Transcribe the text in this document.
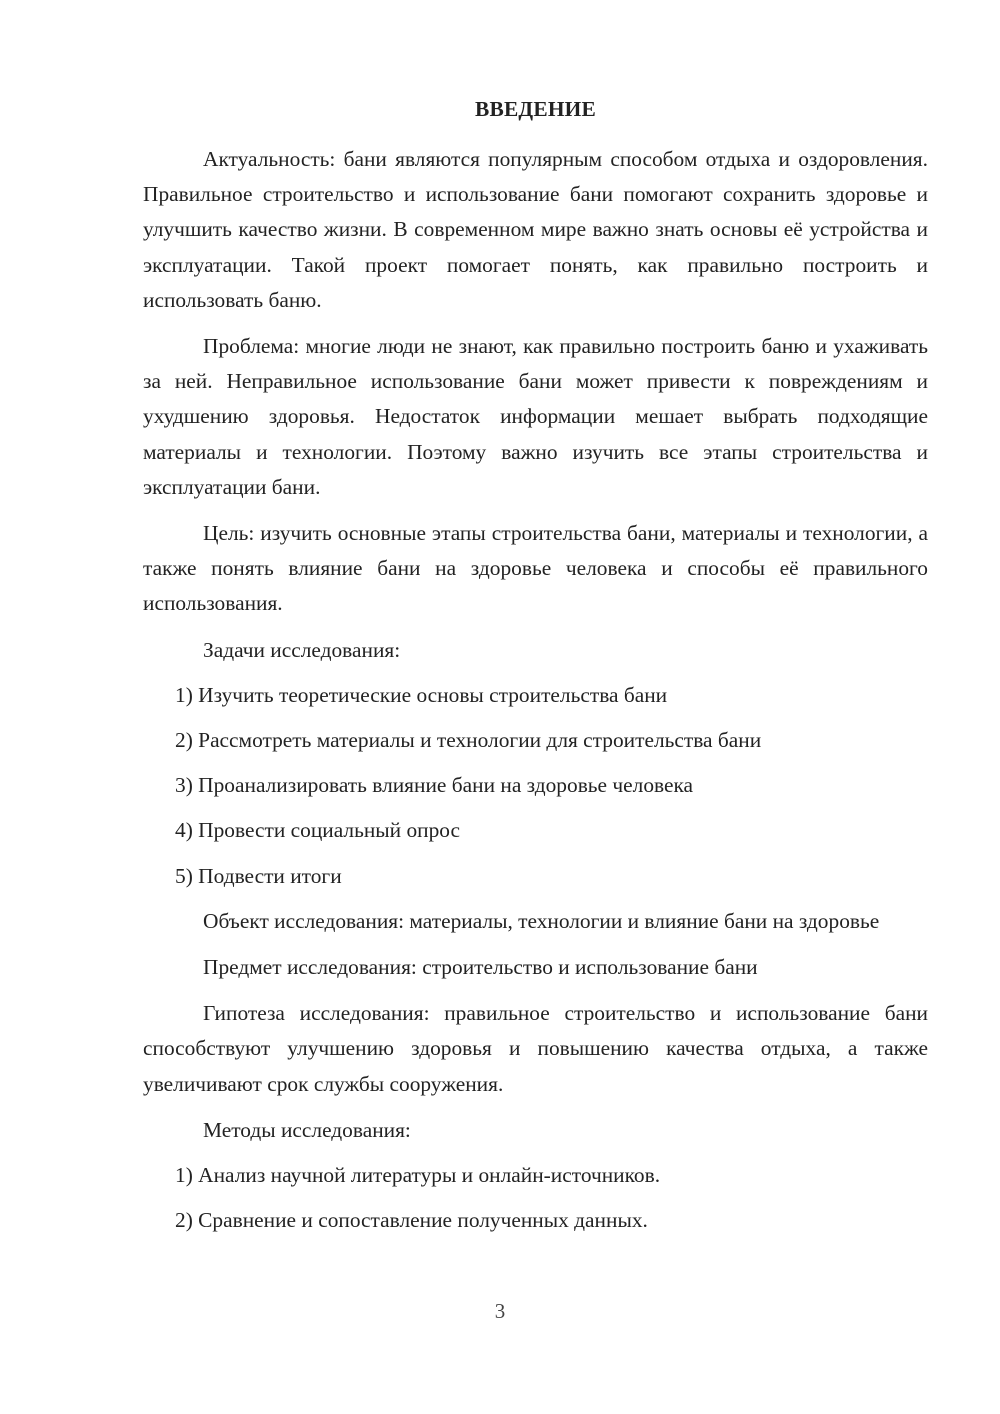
ВВЕДЕНИЕ

Актуальность: бани являются популярным способом отдыха и оздоровления. Правильное строительство и использование бани помогают сохранить здоровье и улучшить качество жизни. В современном мире важно знать основы её устройства и эксплуатации. Такой проект помогает понять, как правильно построить и использовать баню.

Проблема: многие люди не знают, как правильно построить баню и ухаживать за ней. Неправильное использование бани может привести к повреждениям и ухудшению здоровья. Недостаток информации мешает выбрать подходящие материалы и технологии. Поэтому важно изучить все этапы строительства и эксплуатации бани.

Цель: изучить основные этапы строительства бани, материалы и технологии, а также понять влияние бани на здоровье человека и способы её правильного использования.

Задачи исследования:

1) Изучить теоретические основы строительства бани

2) Рассмотреть материалы и технологии для строительства бани

3) Проанализировать влияние бани на здоровье человека

4) Провести социальный опрос

5) Подвести итоги

Объект исследования: материалы, технологии и влияние бани на здоровье

Предмет исследования: строительство и использование бани

Гипотеза исследования: правильное строительство и использование бани способствуют улучшению здоровья и повышению качества отдыха, а также увеличивают срок службы сооружения.

Методы исследования:

1) Анализ научной литературы и онлайн-источников.

2) Сравнение и сопоставление полученных данных.

3
